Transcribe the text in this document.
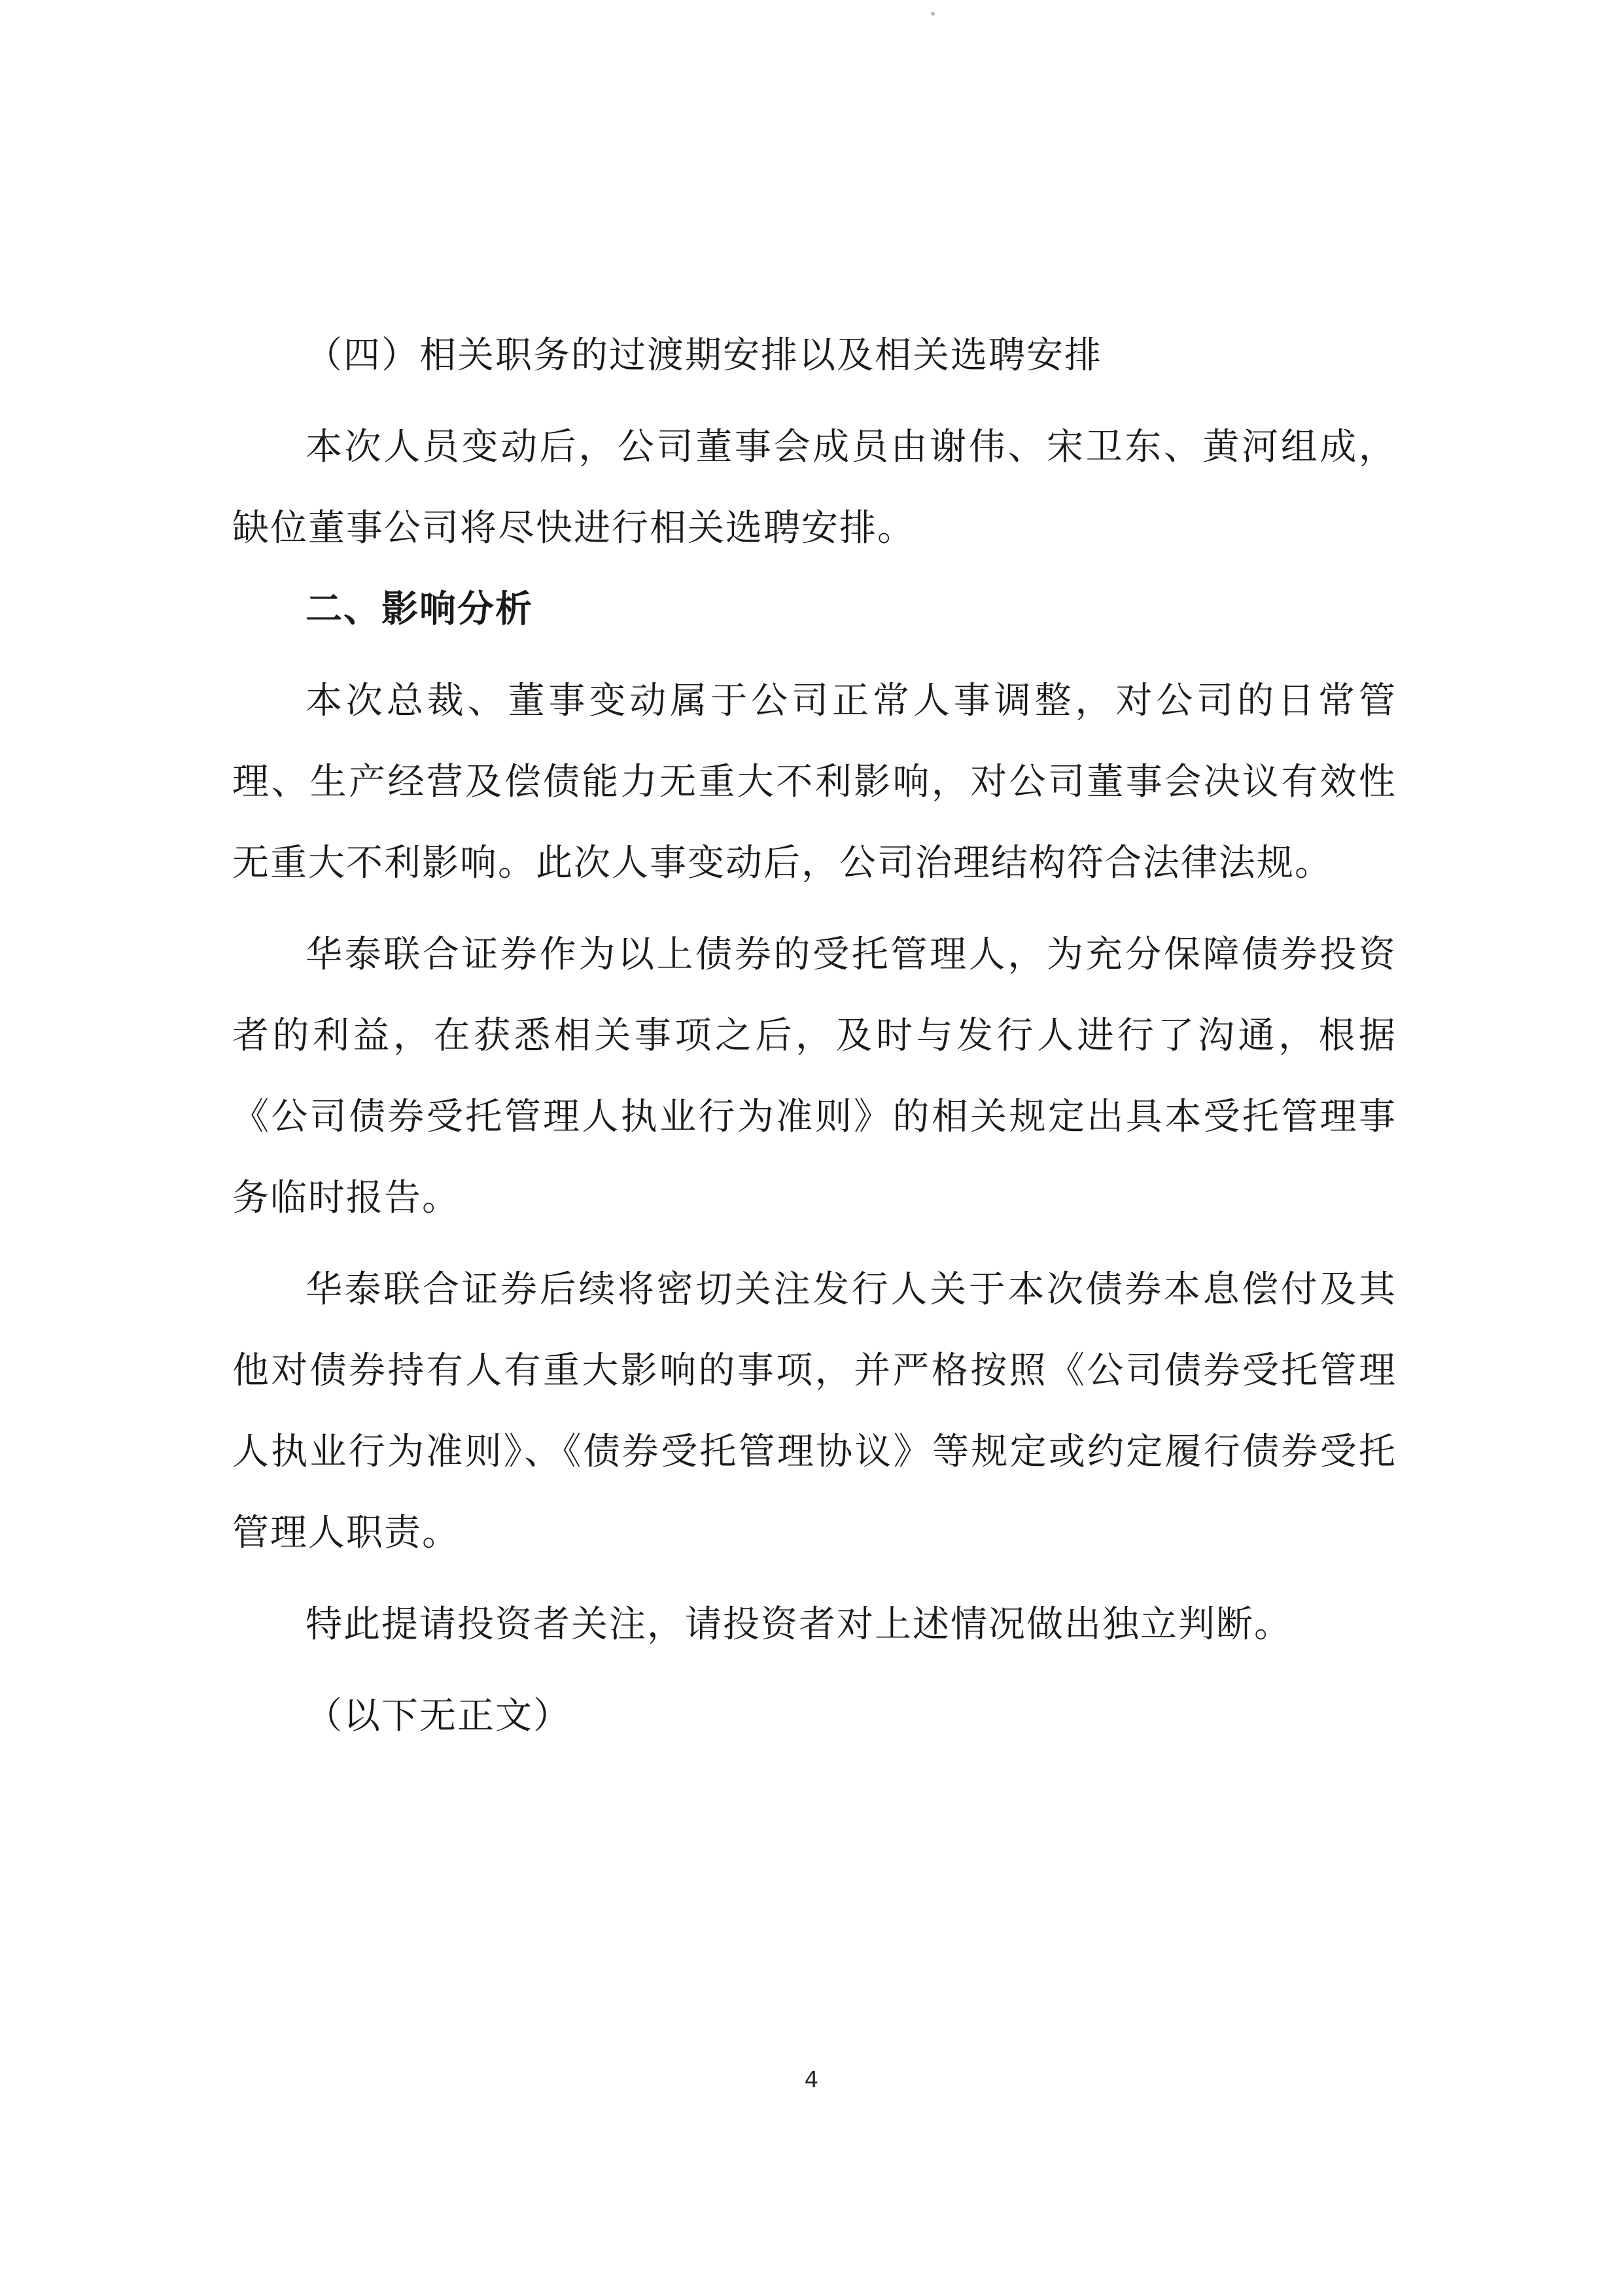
（四）相关职务的过渡期安排以及相关选聘安排

本次人员变动后，公司董事会成员由谢伟、宋卫东、黄河组成，缺位董事公司将尽快进行相关选聘安排。

二、影响分析

本次总裁、董事变动属于公司正常人事调整，对公司的日常管理、生产经营及偿债能力无重大不利影响，对公司董事会决议有效性无重大不利影响。此次人事变动后，公司治理结构符合法律法规。

华泰联合证券作为以上债券的受托管理人，为充分保障债券投资者的利益，在获悉相关事项之后，及时与发行人进行了沟通，根据《公司债券受托管理人执业行为准则》的相关规定出具本受托管理事务临时报告。

华泰联合证券后续将密切关注发行人关于本次债券本息偿付及其他对债券持有人有重大影响的事项，并严格按照《公司债券受托管理人执业行为准则》、《债券受托管理协议》等规定或约定履行债券受托管理人职责。

特此提请投资者关注，请投资者对上述情况做出独立判断。

（以下无正文）

4
